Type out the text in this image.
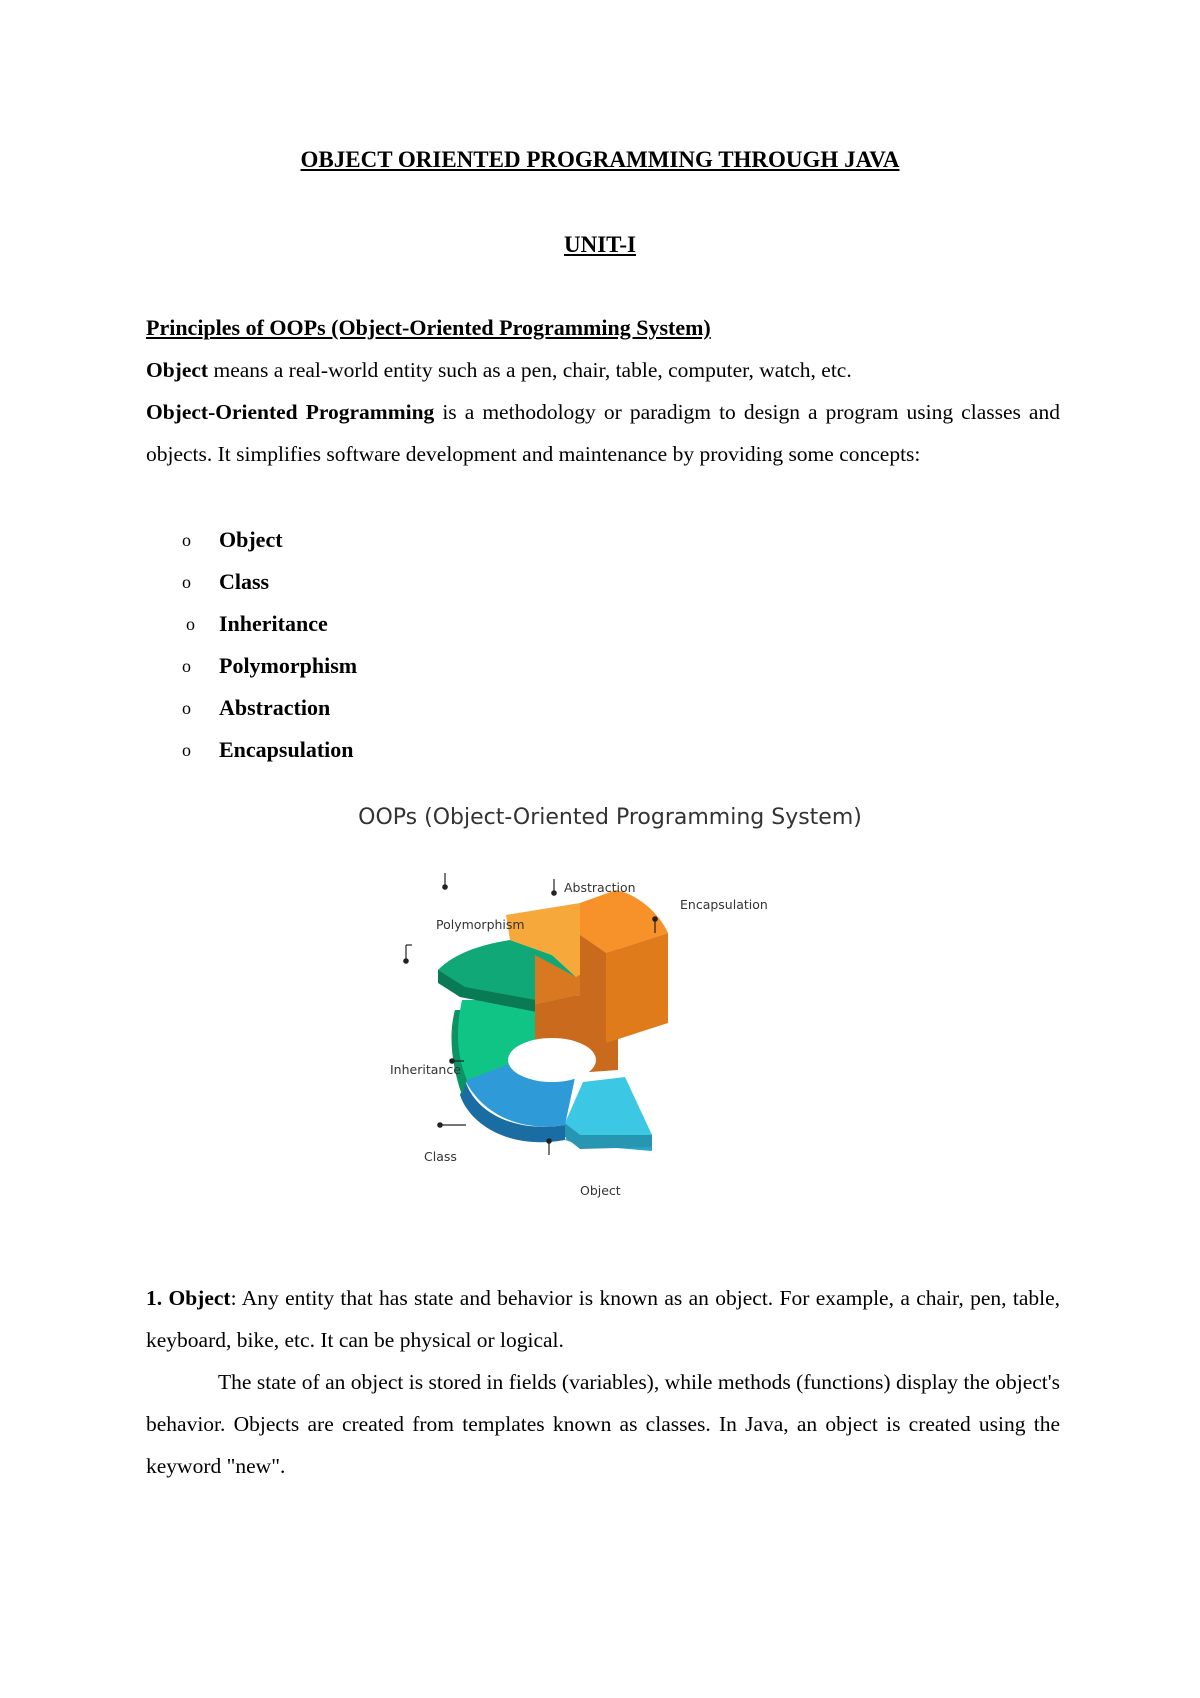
OBJECT ORIENTED PROGRAMMING THROUGH JAVA
UNIT-I
Principles of OOPs (Object-Oriented Programming System)
Object means a real-world entity such as a pen, chair, table, computer, watch, etc.
Object-Oriented Programming is a methodology or paradigm to design a program using classes and objects. It simplifies software development and maintenance by providing some concepts:
o	Object
o	Class
o	Inheritance
o	Polymorphism
o	Abstraction
o	Encapsulation
OOPs (Object-Oriented Programming System)
Abstraction
Encapsulation
Polymorphism
Inheritance
Class
Object
1. Object: Any entity that has state and behavior is known as an object. For example, a chair, pen, table, keyboard, bike, etc. It can be physical or logical.
The state of an object is stored in fields (variables), while methods (functions) display the object's behavior. Objects are created from templates known as classes. In Java, an object is created using the keyword "new".
